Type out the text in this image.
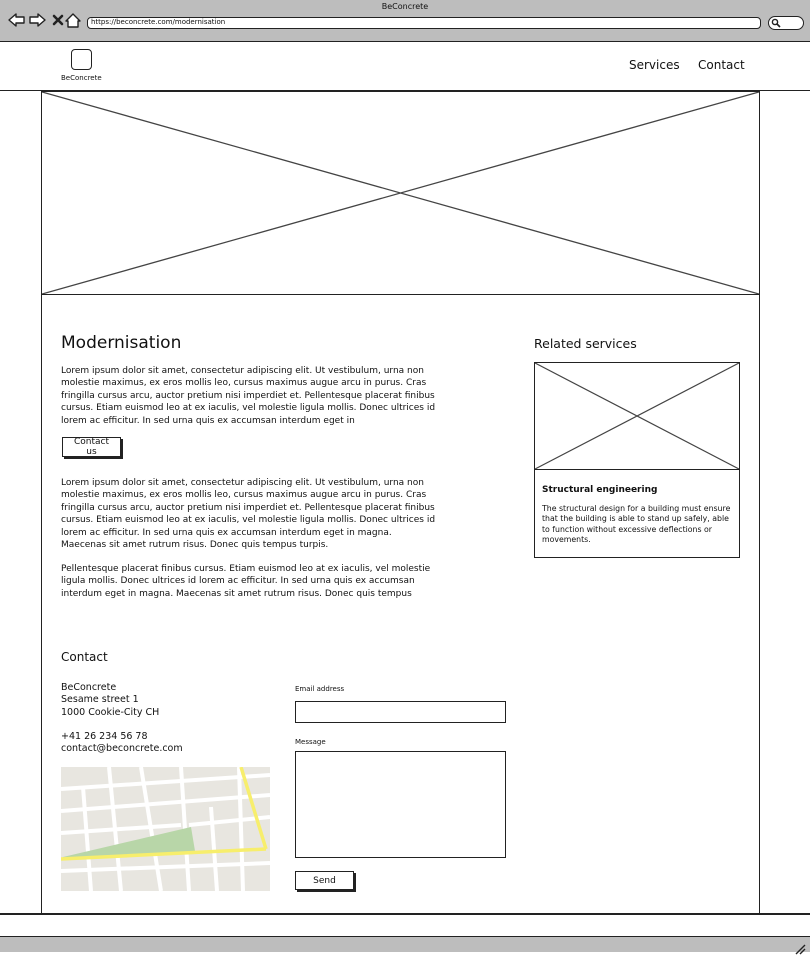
BeConcrete
https://beconcrete.com/modernisation
BeConcrete
Services Contact
Modernisation

Lorem ipsum dolor sit amet, consectetur adipiscing elit. Ut vestibulum, urna non molestie maximus, ex eros mollis leo, cursus maximus augue arcu in purus. Cras fringilla cursus arcu, auctor pretium nisi imperdiet et. Pellentesque placerat finibus cursus. Etiam euismod leo at ex iaculis, vel molestie ligula mollis. Donec ultrices id lorem ac efficitur. In sed urna quis ex accumsan interdum eget in

Contact us

Lorem ipsum dolor sit amet, consectetur adipiscing elit. Ut vestibulum, urna non molestie maximus, ex eros mollis leo, cursus maximus augue arcu in purus. Cras fringilla cursus arcu, auctor pretium nisi imperdiet et. Pellentesque placerat finibus cursus. Etiam euismod leo at ex iaculis, vel molestie ligula mollis. Donec ultrices id lorem ac efficitur. In sed urna quis ex accumsan interdum eget in magna. Maecenas sit amet rutrum risus. Donec quis tempus turpis.

Pellentesque placerat finibus cursus. Etiam euismod leo at ex iaculis, vel molestie ligula mollis. Donec ultrices id lorem ac efficitur. In sed urna quis ex accumsan interdum eget in magna. Maecenas sit amet rutrum risus. Donec quis tempus

Related services
Structural engineering

The structural design for a building must ensure that the building is able to stand up safely, able to function without excessive deflections or movements.

Contact
BeConcrete
Sesame street 1
1000 Cookie-City CH
+41 26 234 56 78
contact@beconcrete.com
Email address
Message
Send
